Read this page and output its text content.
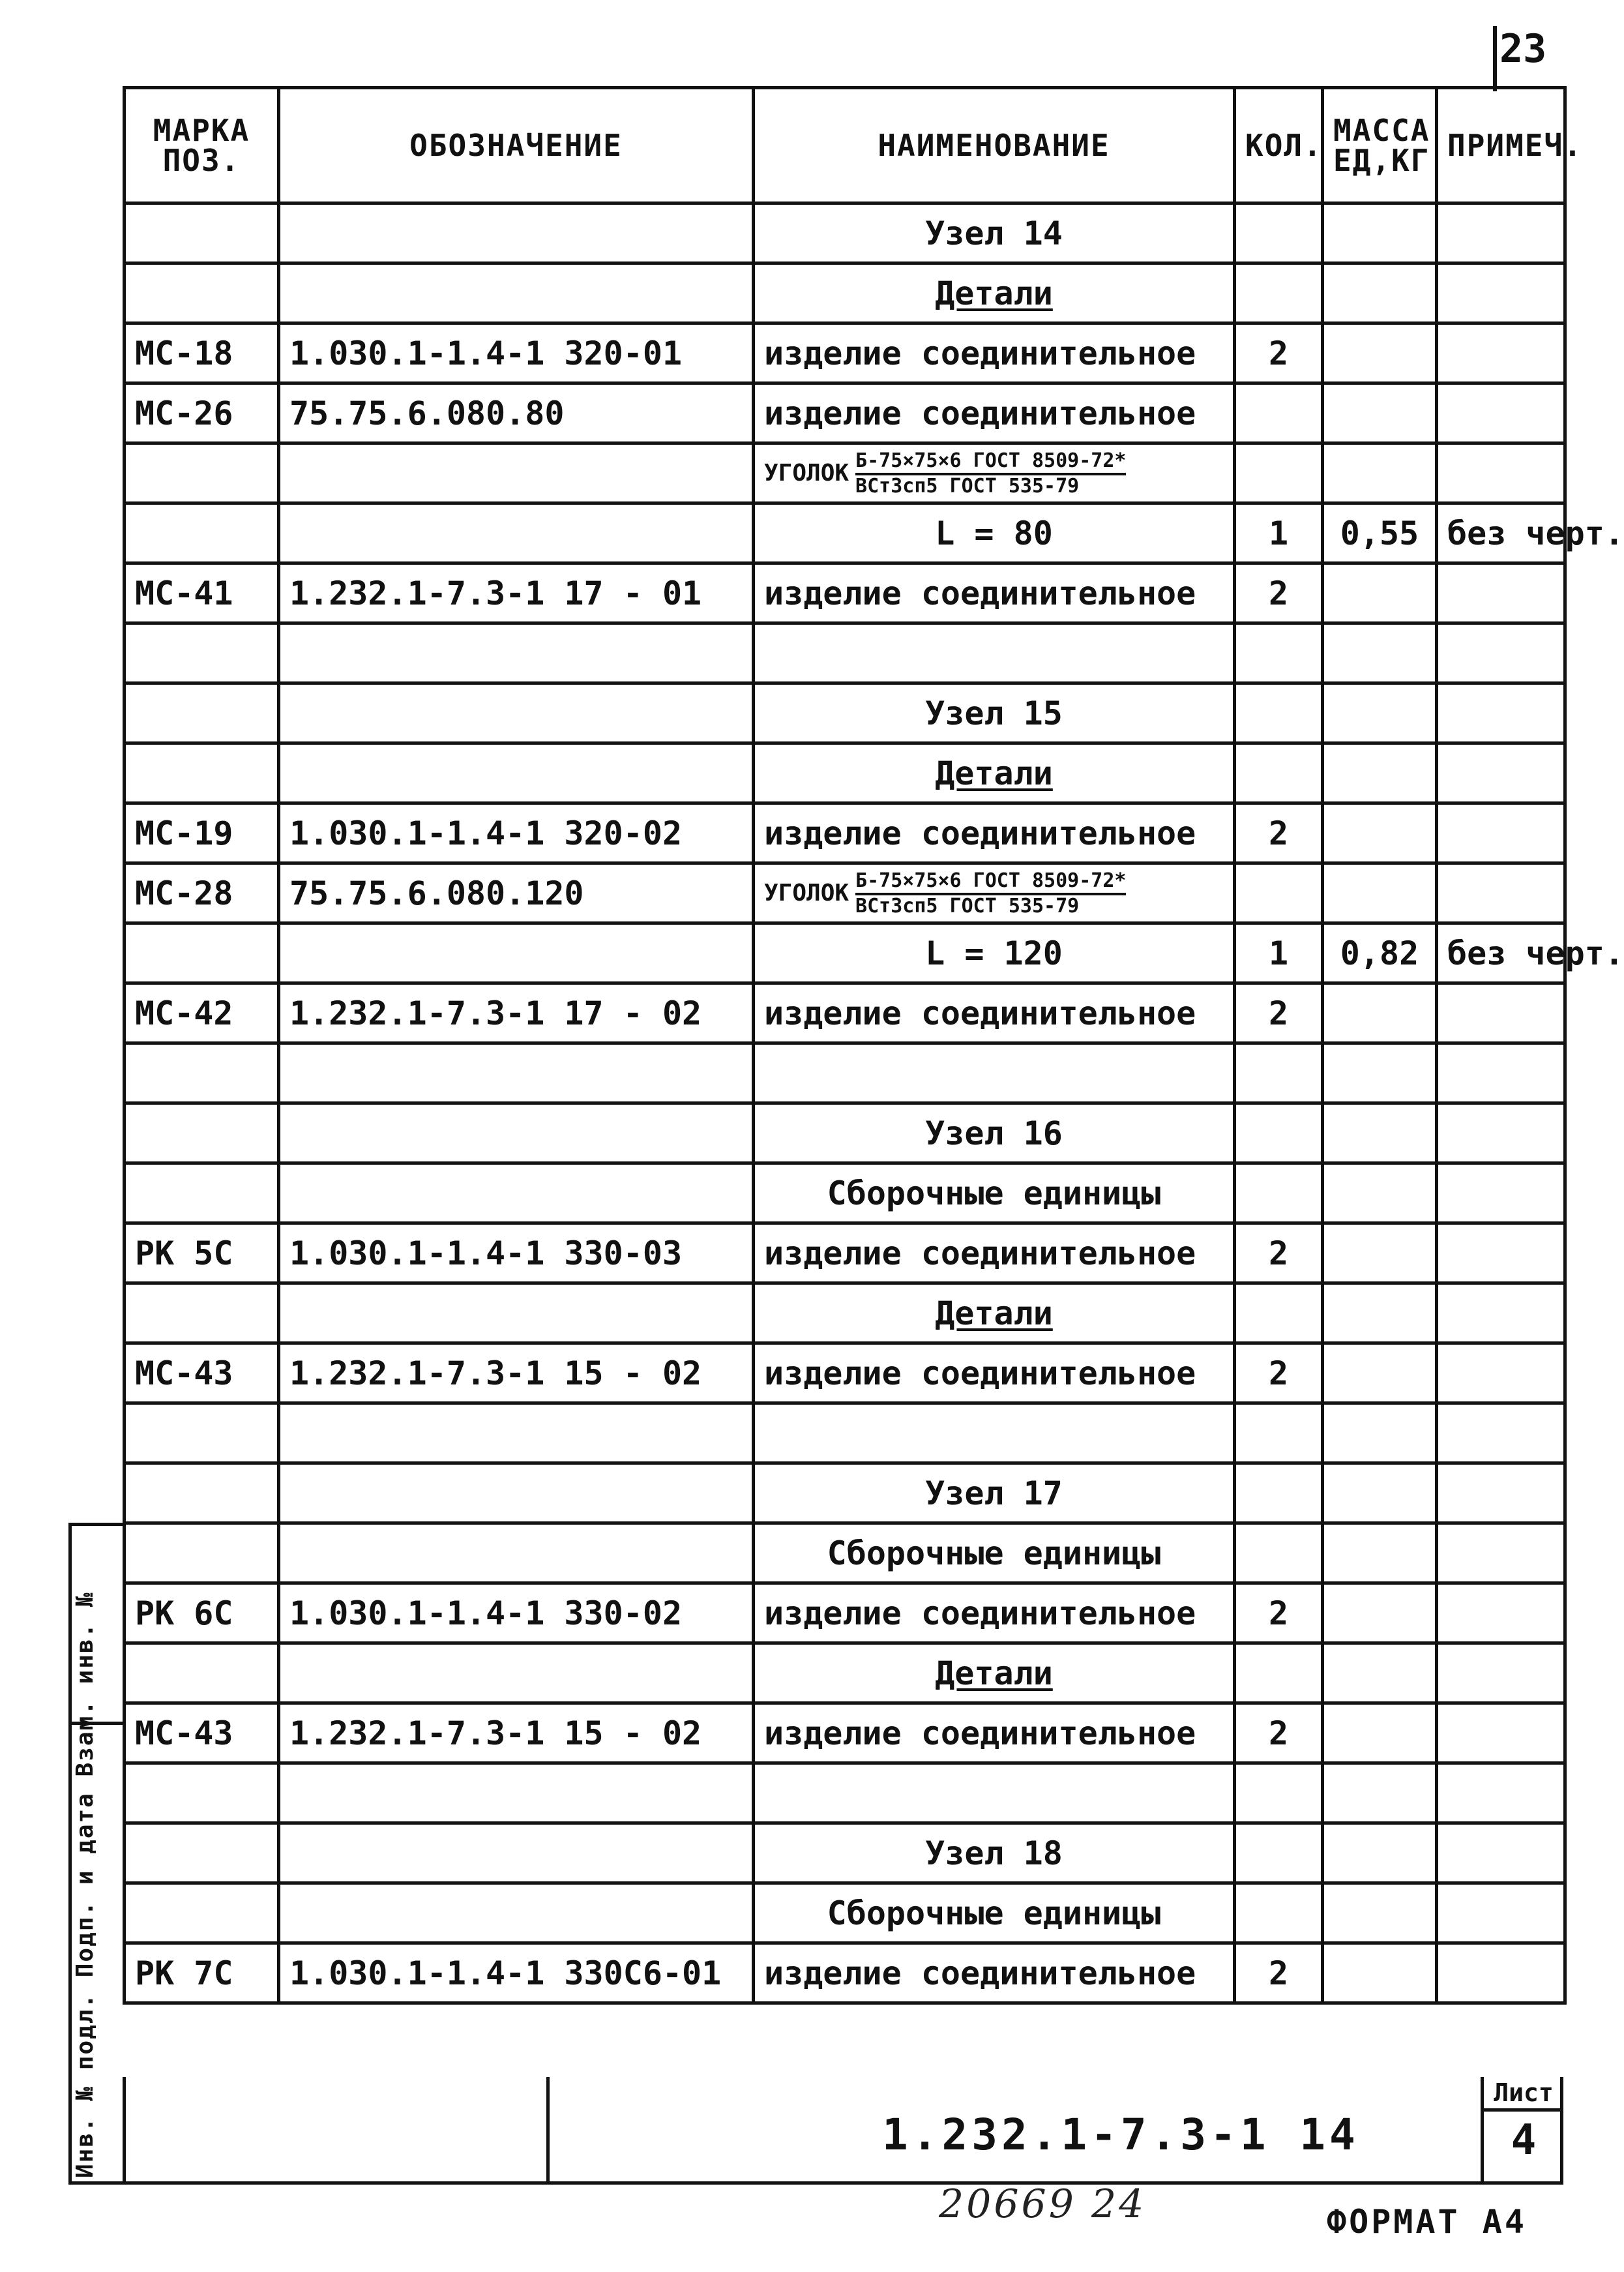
23
МАРКА ПОЗ.	ОБОЗНАЧЕНИЕ	НАИМЕНОВАНИЕ	КОЛ.	МАССА ЕД,КГ	ПРИМЕЧ.
		Узел 14			
		Детали			
МС-18	1.030.1-1.4-1 320-01	изделие соединительное	2		
МС-26	75.75.6.080.80	изделие соединительное			
		УГОЛОК $\frac{\text{Б-75×75×6 ГОСТ 8509-72*}}{\text{ВСт3сп5 ГОСТ 535-79}}$

		L = 80	1	0,55	без черт.
МС-41	1.232.1-7.3-1 17 - 01	изделие соединительное	2		

		Узел 15			
		Детали			
МС-19	1.030.1-1.4-1 320-02	изделие соединительное	2		
МС-28	75.75.6.080.120	УГОЛОК $\frac{\text{Б-75×75×6 ГОСТ 8509-72*}}{\text{ВСт3сп5 ГОСТ 535-79}}$

		L = 120	1	0,82	без черт.
МС-42	1.232.1-7.3-1 17 - 02	изделие соединительное	2		

		Узел 16			
		Сборочные единицы			
РК 5С	1.030.1-1.4-1 330-03	изделие соединительное	2		
		Детали			
МС-43	1.232.1-7.3-1 15 - 02	изделие соединительное	2		

		Узел 17			
		Сборочные единицы			
РК 6С	1.030.1-1.4-1 330-02	изделие соединительное	2		
		Детали			
МС-43	1.232.1-7.3-1 15 - 02	изделие соединительное	2		

		Узел 18			
		Сборочные единицы			
РК 7С	1.030.1-1.4-1 330С6-01	изделие соединительное	2		
1.232.1-7.3-1 14
Лист
4
Инв. № подл. Подп. и дата Взам. инв. №
20669 24	ФОРМАТ А4
